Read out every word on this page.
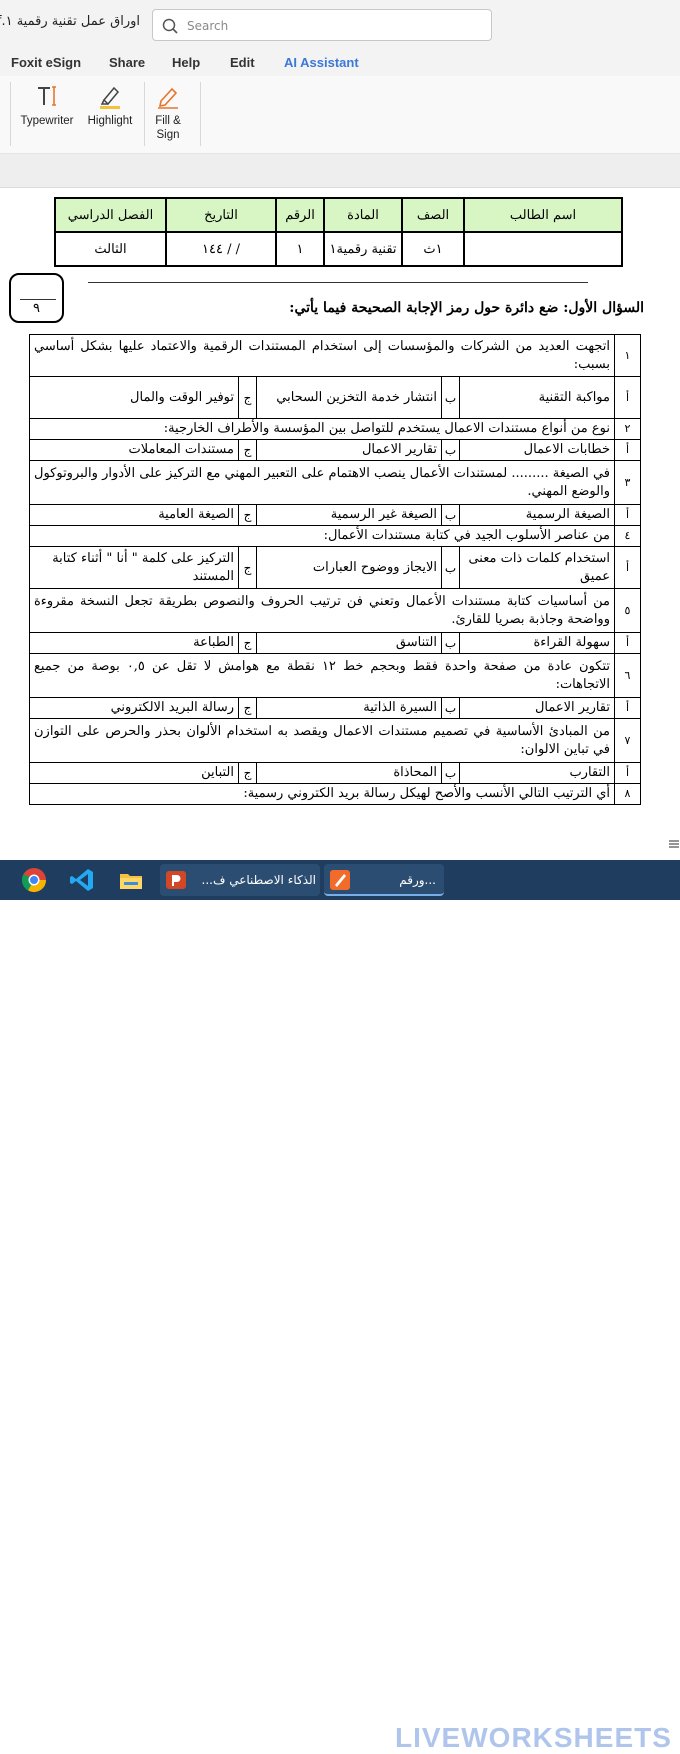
اوراق عمل تقنية رقمية ١.
Search
Foxit eSign Share Help Edit AI Assistant
Typewriter	Highlight	Fill &
Sign
اسم الطالب	الصف	المادة	الرقم	التاريخ	الفصل الدراسي
	١ث	تقنية رقمية١	١	/ / ١٤٤	الثالث
٩	السؤال الأول: ضع دائرة حول رمز الإجابة الصحيحة فيما يأتي:
١	اتجهت العديد من الشركات والمؤسسات إلى استخدام المستندات الرقمية والاعتماد عليها بشكل أساسي بسبب:				
أ	مواكبة التقنية	ب	انتشار خدمة التخزين السحابي	ج	توفير الوقت والمال
٢	نوع من أنواع مستندات الاعمال يستخدم للتواصل بين المؤسسة والأطراف الخارجية:				
أ	خطابات الاعمال	ب	تقارير الاعمال	ج	مستندات المعاملات
٣	في الصيغة ......... لمستندات الأعمال ينصب الاهتمام على التعبير المهني مع التركيز على الأدوار والبروتوكول والوضع المهني.				
أ	الصيغة الرسمية	ب	الصيغة غير الرسمية	ج	الصيغة العامية
٤	من عناصر الأسلوب الجيد في كتابة مستندات الأعمال:				
أ	استخدام كلمات ذات معنى عميق	ب	الايجاز ووضوح العبارات	ج	التركيز على كلمة " أنا " أثناء كتابة المستند
٥	من أساسيات كتابة مستندات الأعمال وتعني فن ترتيب الحروف والنصوص بطريقة تجعل النسخة مقروءة وواضحة وجاذبة بصريا للقارئ.				
أ	سهولة القراءة	ب	التناسق	ج	الطباعة
٦	تتكون عادة من صفحة واحدة فقط وبحجم خط ١٢ نقطة مع هوامش لا تقل عن ٠,٥ بوصة من جميع الاتجاهات:				
أ	تقارير الاعمال	ب	السيرة الذاتية	ج	رسالة البريد الالكتروني
٧	من المبادئ الأساسية في تصميم مستندات الاعمال ويقصد به استخدام الألوان بحذر والحرص على التوازن في تباين الالوان:				
أ	التقارب	ب	المحاذاة	ج	التباين
٨	أي الترتيب التالي الأنسب والأصح لهيكل رسالة بريد الكتروني رسمية:				
الذكاء الاصطناعي ف...	...ورقم
LIVEWORKSHEETS
